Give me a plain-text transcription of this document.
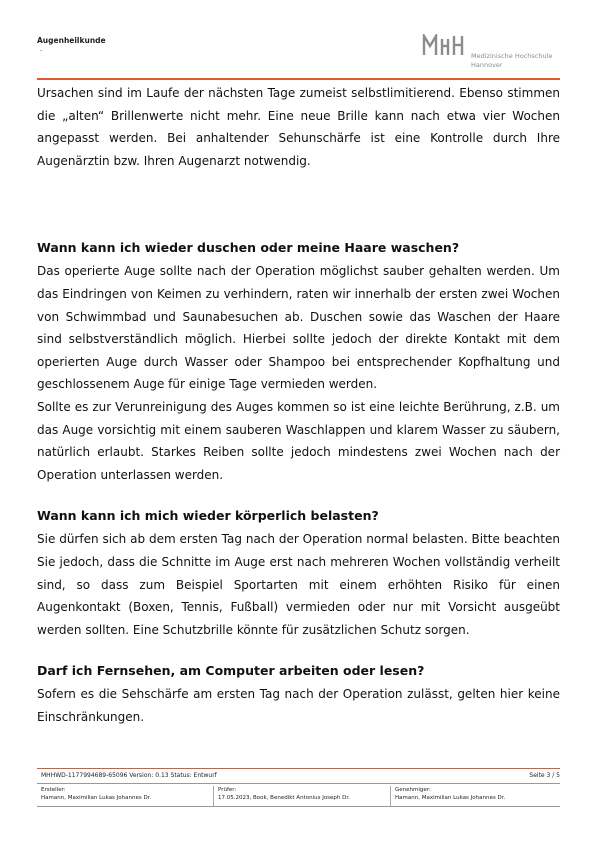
Augenheilkunde
-
Medizinische Hochschule
Hannover

Ursachen sind im Laufe der nächsten Tage zumeist selbstlimitierend. Ebenso stimmen die „alten“ Brillenwerte nicht mehr. Eine neue Brille kann nach etwa vier Wochen angepasst werden. Bei anhaltender Sehunschärfe ist eine Kontrolle durch Ihre Augenärztin bzw. Ihren Augenarzt notwendig.

Wann kann ich wieder duschen oder meine Haare waschen?

Das operierte Auge sollte nach der Operation möglichst sauber gehalten werden. Um das Eindringen von Keimen zu verhindern, raten wir innerhalb der ersten zwei Wochen von Schwimmbad und Saunabesuchen ab. Duschen sowie das Waschen der Haare sind selbstverständlich möglich. Hierbei sollte jedoch der direkte Kontakt mit dem operierten Auge durch Wasser oder Shampoo bei entsprechender Kopfhaltung und geschlossenem Auge für einige Tage vermieden werden.

Sollte es zur Verunreinigung des Auges kommen so ist eine leichte Berührung, z.B. um das Auge vorsichtig mit einem sauberen Waschlappen und klarem Wasser zu säubern, natürlich erlaubt. Starkes Reiben sollte jedoch mindestens zwei Wochen nach der Operation unterlassen werden.

Wann kann ich mich wieder körperlich belasten?

Sie dürfen sich ab dem ersten Tag nach der Operation normal belasten. Bitte beachten Sie jedoch, dass die Schnitte im Auge erst nach mehreren Wochen vollständig verheilt sind, so dass zum Beispiel Sportarten mit einem erhöhten Risiko für einen Augenkontakt (Boxen, Tennis, Fußball) vermieden oder nur mit Vorsicht ausgeübt werden sollten. Eine Schutzbrille könnte für zusätzlichen Schutz sorgen.

Darf ich Fernsehen, am Computer arbeiten oder lesen?

Sofern es die Sehschärfe am ersten Tag nach der Operation zulässt, gelten hier keine Einschränkungen.

MHHWD-1177994689-65096 Version: 0.13 Status: Entwurf	Seite 3 / 5
Ersteller:
Hamann, Maximilian Lukas Johannes Dr.
Prüfer:
17.05.2023, Book, Benedikt Antonius Joseph Dr.
Genehmiger:
Hamann, Maximilian Lukas Johannes Dr.
